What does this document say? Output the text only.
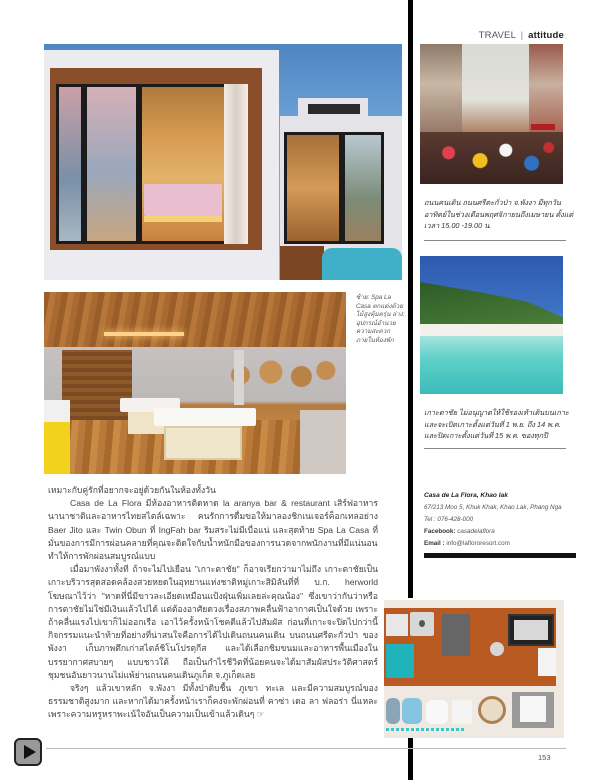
TRAVEL | attitude
ซ้าย: Spa La Casa ตกแต่งด้วยไม้สูงคุ้มครุ่น ล่าง: อุปกรณ์อำนวยความสะดวกภายในห้องพัก

เหมาะกับคู่รักที่อยากจะอยู่ด้วยกันในห้องทั้งวัน

Casa de La Flora มีห้องอาหารติดหาด la aranya bar & restaurant เสิร์ฟอาหารนานาชาติและอาหารไทยสไตล์เฉพาะ คนรักการดื่มขอให้มาลองชิกเนเจอร์ค็อกเทลอย่าง Baer Jito และ Twin Obun ที่ IngFah bar ริมสระไม่มีเบื่อแน่ และสุดท้าย Spa La Casa ที่มั่นของการมีการผ่อนคลายที่คุณจะติดใจกับน้ำหนักมือของการนวดจากพนักงานที่มีแน่นอน ทำให้การพักผ่อนสมบูรณ์แบบ

เมื่อมาพังงาทั้งที ถ้าจะไม่ไปเยือน "เกาะตาชัย" ก็อาจเรียกว่ามาไม่ถึง เกาะตาชัยเป็นเกาะบริวารสุดสอดคล้องสวยหยดในอุทยานแห่งชาติหมู่เกาะสิมิลันที่ที่ บ.ก. herworld โฆษณาไว้ว่า "หาดที่นี่มีขาวละเอียดเหมือนแป้งฝุ่นเพิ่มเลยล่ะคุณน้อง" ซึ่งเขาว่ากันว่าหรือการตาชัยไม่ใช่มีเงินแล้วไปได้ แต่ต้องอาศัยดวงเรื่องสภาพคลื่นฟ้าอากาศเป็นใจด้วย เพราะถ้าคลื่นแรงไปเขาก็ไม่ออกเรือ เอาไว้ครั้งหน้าโชคดีแล้วไปสัมผัส ก่อนที่เกาะจะปิดไปกว่านี้ กิจกรรมแนะนำท้ายที่อย่างที่น่าสนใจคือการได้ไปเดินถนนคนเดิน บนถนนศรีตะกั่วป่า ของพังงา เก็บภาพตึกเก่าสไตล์ชิโนโปรตุกีส และได้เลือกชิมขนมและอาหารพื้นเมืองในบรรยากาศสบายๆ แบบชาวใต้ ถือเป็นกำไรชีวิตที่น้อยคนจะได้มาสัมผัสประวัติศาสตร์ชุมชนอันยาวนานไม่แพ้ย่านถนนคนเดินภูเก็ต จ.ภูเก็ตเลย

จริงๆ แล้วเขาหลัก จ.พังงา มีทั้งป่าดิบชื้น ภูเขา ทะเล และมีความสมบูรณ์ของธรรมชาติสูงมาก และหากได้มาครั้งหน้าเราก็คงจะพักผ่อนที่ คาซ่า เดอ ลา ฟลอร่า นี่แหละ เพราะความหรูหราพะเน้ใจอันเป็นความเป็นเข้าแล้วเดินๆ ☞

ถนนคนเดิน ถนนศรีตะกั่วป่า จ.พังงา มีทุกวันอาทิตย์ในช่วงเดือนพฤศจิกายนถึงเมษายน ตั้งแต่เวลา 15.00 -19.00 น.
เกาะตาชัย ไม่อนุญาตให้ใช้รองเท้าเดินบนเกาะ และจะเปิดเกาะตั้งแต่วันที่ 1 พ.ย. ถึง 14 พ.ค. และปิดเกาะตั้งแต่วันที่ 15 พ.ค. ของทุกปี
Casa de La Flora, Khao lak
67/213 Moo 5, Khuk Khak, Khao Lak, Phang Nga
Tel : 076-428-000
Facebook: casadelaflora
Email : info@laflororesort.com
153
